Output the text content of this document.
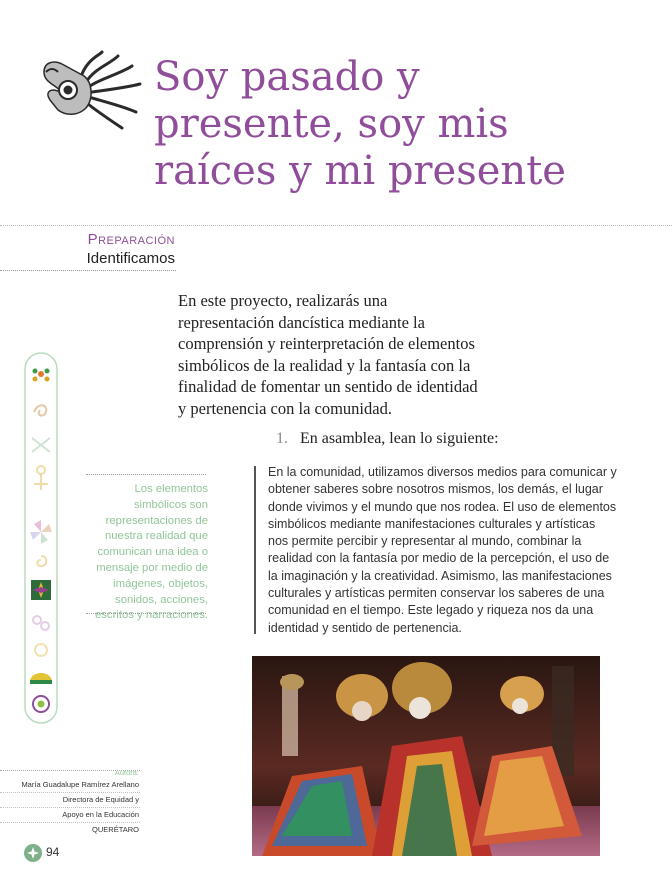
Soy pasado y
presente, soy mis
raíces y mi presente
Preparación
Identificamos

En este proyecto, realizarás una representación dancística mediante la comprensión y reinterpretación de elementos simbólicos de la realidad y la fantasía con la finalidad de fomentar un sentido de identidad y pertenencia con la comunidad.

1. En asamblea, lean lo siguiente:

En la comunidad, utilizamos diversos medios para comunicar y obtener saberes sobre nosotros mismos, los demás, el lugar donde vivimos y el mundo que nos rodea. El uso de elementos simbólicos mediante manifestaciones culturales y artísticas nos permite percibir y representar al mundo, combinar la realidad con la fantasía por medio de la percepción, el uso de la imaginación y la creatividad. Asimismo, las manifestaciones culturales y artísticas permiten conservar los saberes de una comunidad en el tiempo. Este legado y riqueza nos da una identidad y sentido de pertenencia.

Los elementos simbólicos son representaciones de nuestra realidad que comunican una idea o mensaje por medio de imágenes, objetos, sonidos, acciones, escritos y narraciones.

Autora:
María Guadalupe Ramírez Arellano
Directora de Equidad y
Apoyo en la Educación
QUERÉTARO
94
